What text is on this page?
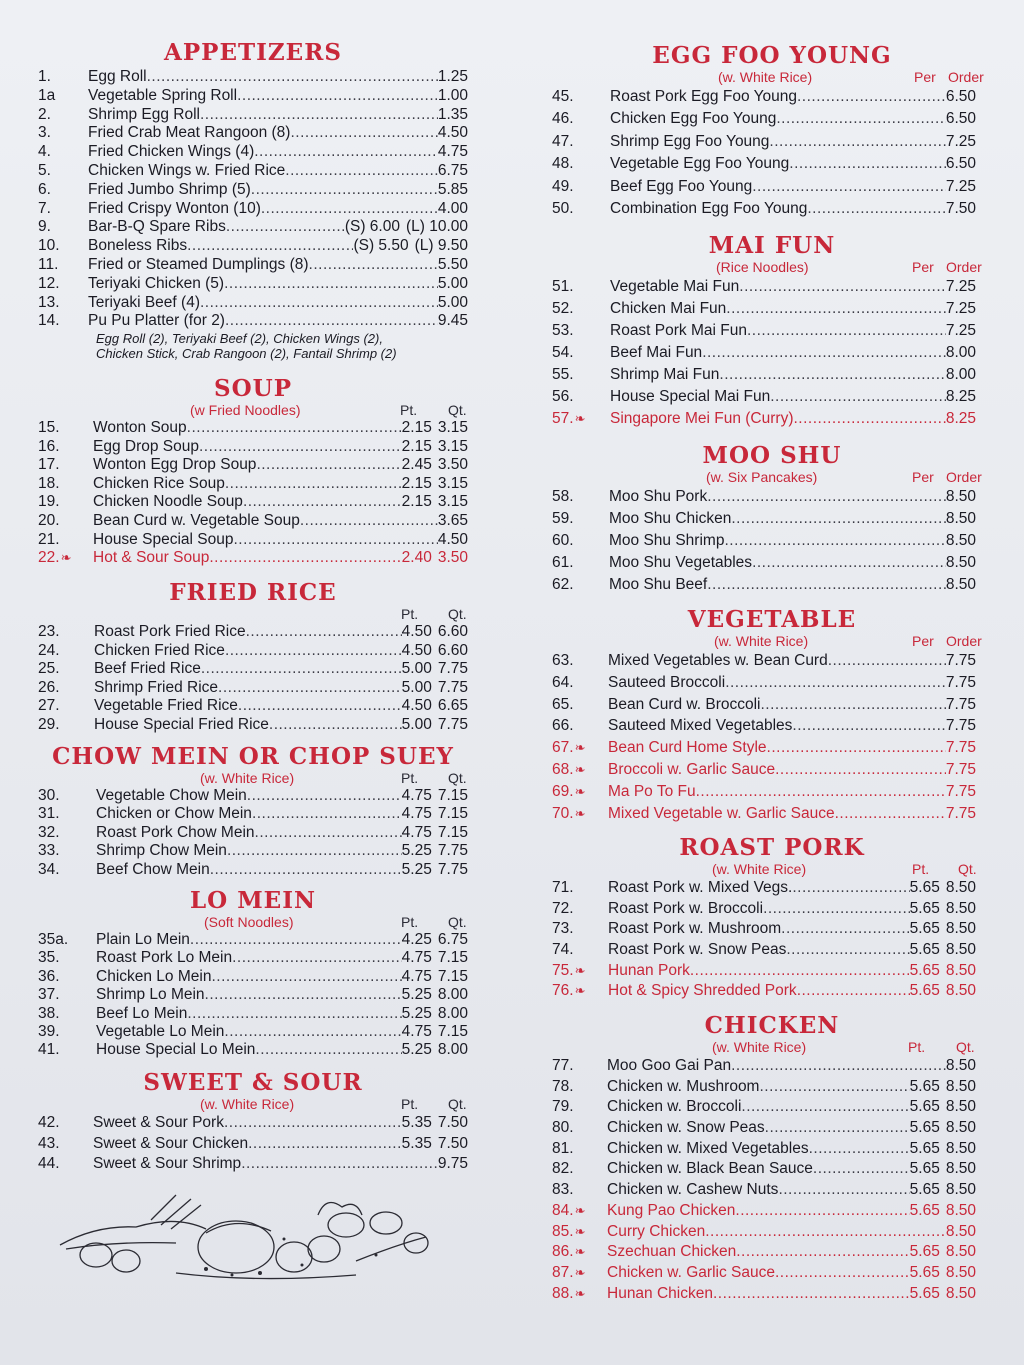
APPETIZERS
1.	Egg Roll .....	1.25
1a	Vegetable Spring Roll .....	1.00
2.	Shrimp Egg Roll .....	1.35
3.	Fried Crab Meat Rangoon (8) .....	4.50
4.	Fried Chicken Wings (4) .....	4.75
5.	Chicken Wings w. Fried Rice .....	6.75
6.	Fried Jumbo Shrimp (5) .....	5.85
7.	Fried Crispy Wonton (10) .....	4.00
9.	Bar-B-Q Spare Ribs .....	(S) 6.00 (L) 10.00
10.	Boneless Ribs .....	(S) 5.50 (L) 9.50
11.	Fried or Steamed Dumplings (8) .....	5.50
12.	Teriyaki Chicken (5) .....	5.00
13.	Teriyaki Beef (4) .....	5.00
14.	Pu Pu Platter (for 2) .....	9.45
Egg Roll (2), Teriyaki Beef (2), Chicken Wings (2),
Chicken Stick, Crab Rangoon (2), Fantail Shrimp (2)
SOUP
(w Fried Noodles)	Pt. Qt.
15.	Wonton Soup .....	2.15 3.15
16.	Egg Drop Soup .....	2.15 3.15
17.	Wonton Egg Drop Soup .....	2.45 3.50
18.	Chicken Rice Soup .....	2.15 3.15
19.	Chicken Noodle Soup .....	2.15 3.15
20.	Bean Curd w. Vegetable Soup .....	3.65
21.	House Special Soup .....	4.50
22.❧	Hot & Sour Soup .....	2.40 3.50
FRIED RICE
Pt. Qt.
23.	Roast Pork Fried Rice .....	4.50 6.60
24.	Chicken Fried Rice .....	4.50 6.60
25.	Beef Fried Rice .....	5.00 7.75
26.	Shrimp Fried Rice .....	5.00 7.75
27.	Vegetable Fried Rice .....	4.50 6.65
29.	House Special Fried Rice .....	5.00 7.75
CHOW MEIN OR CHOP SUEY
(w. White Rice)	Pt. Qt.
30.	Vegetable Chow Mein .....	4.75 7.15
31.	Chicken or Chow Mein .....	4.75 7.15
32.	Roast Pork Chow Mein .....	4.75 7.15
33.	Shrimp Chow Mein .....	5.25 7.75
34.	Beef Chow Mein .....	5.25 7.75
LO MEIN
(Soft Noodles)	Pt. Qt.
35a.	Plain Lo Mein .....	4.25 6.75
35.	Roast Pork Lo Mein .....	4.75 7.15
36.	Chicken Lo Mein .....	4.75 7.15
37.	Shrimp Lo Mein .....	5.25 8.00
38.	Beef Lo Mein .....	5.25 8.00
39.	Vegetable Lo Mein .....	4.75 7.15
41.	House Special Lo Mein .....	5.25 8.00
SWEET & SOUR
(w. White Rice)	Pt. Qt.
42.	Sweet & Sour Pork .....	5.35 7.50
43.	Sweet & Sour Chicken .....	5.35 7.50
44.	Sweet & Sour Shrimp .....	9.75
EGG FOO YOUNG
(w. White Rice)	Per Order
45.	Roast Pork Egg Foo Young .....	6.50
46.	Chicken Egg Foo Young .....	6.50
47.	Shrimp Egg Foo Young .....	7.25
48.	Vegetable Egg Foo Young .....	6.50
49.	Beef Egg Foo Young .....	7.25
50.	Combination Egg Foo Young .....	7.50
MAI FUN
(Rice Noodles)	Per Order
51.	Vegetable Mai Fun .....	7.25
52.	Chicken Mai Fun .....	7.25
53.	Roast Pork Mai Fun .....	7.25
54.	Beef Mai Fun .....	8.00
55.	Shrimp Mai Fun .....	8.00
56.	House Special Mai Fun .....	8.25
57.❧	Singapore Mei Fun (Curry) .....	8.25
MOO SHU
(w. Six Pancakes)	Per Order
58.	Moo Shu Pork .....	8.50
59.	Moo Shu Chicken .....	8.50
60.	Moo Shu Shrimp .....	8.50
61.	Moo Shu Vegetables .....	8.50
62.	Moo Shu Beef .....	8.50
VEGETABLE
(w. White Rice)	Per Order
63.	Mixed Vegetables w. Bean Curd .....	7.75
64.	Sauteed Broccoli .....	7.75
65.	Bean Curd w. Broccoli .....	7.75
66.	Sauteed Mixed Vegetables .....	7.75
67.❧	Bean Curd Home Style .....	7.75
68.❧	Broccoli w. Garlic Sauce .....	7.75
69.❧	Ma Po To Fu .....	7.75
70.❧	Mixed Vegetable w. Garlic Sauce .....	7.75
ROAST PORK
(w. White Rice)	Pt. Qt.
71.	Roast Pork w. Mixed Vegs. .....	5.65 8.50
72.	Roast Pork w. Broccoli .....	5.65 8.50
73.	Roast Pork w. Mushroom .....	5.65 8.50
74.	Roast Pork w. Snow Peas .....	5.65 8.50
75.❧	Hunan Pork .....	5.65 8.50
76.❧	Hot & Spicy Shredded Pork .....	5.65 8.50
CHICKEN
(w. White Rice)	Pt. Qt.
77.	Moo Goo Gai Pan .....	8.50
78.	Chicken w. Mushroom .....	5.65 8.50
79.	Chicken w. Broccoli .....	5.65 8.50
80.	Chicken w. Snow Peas .....	5.65 8.50
81.	Chicken w. Mixed Vegetables .....	5.65 8.50
82.	Chicken w. Black Bean Sauce .....	5.65 8.50
83.	Chicken w. Cashew Nuts .....	5.65 8.50
84.❧	Kung Pao Chicken .....	5.65 8.50
85.❧	Curry Chicken .....	8.50
86.❧	Szechuan Chicken .....	5.65 8.50
87.❧	Chicken w. Garlic Sauce .....	5.65 8.50
88.❧	Hunan Chicken .....	5.65 8.50
